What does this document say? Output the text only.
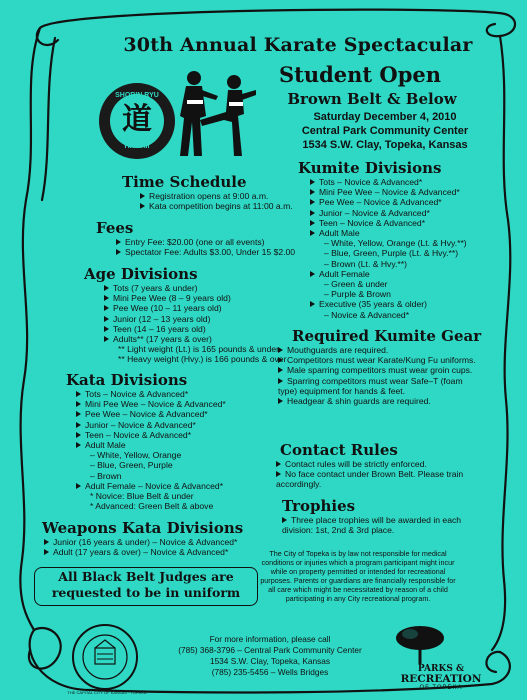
SHORIN RYU
道
HAWAII
30th Annual Karate Spectacular
Student Open
Brown Belt & Below
Saturday December 4, 2010
Central Park Community Center
1534 S.W. Clay, Topeka, Kansas
Time Schedule
Registration opens at 9:00 a.m.
Kata competition begins at 11:00 a.m.
Fees
Entry Fee: $20.00 (one or all events)
Spectator Fee: Adults $3.00, Under 15 $2.00
Age Divisions
Tots (7 years & under)
Mini Pee Wee (8 – 9 years old)
Pee Wee (10 – 11 years old)
Junior (12 – 13 years old)
Teen (14 – 16 years old)
Adults** (17 years & over)
** Light weight (Lt.) is 165 pounds & under
** Heavy weight (Hvy.) is 166 pounds & over
Kata Divisions
Tots – Novice & Advanced*
Mini Pee Wee – Novice & Advanced*
Pee Wee – Novice & Advanced*
Junior – Novice & Advanced*
Teen – Novice & Advanced*
Adult Male
– White, Yellow, Orange
– Blue, Green, Purple
– Brown
Adult Female – Novice & Advanced*
* Novice: Blue Belt & under
* Advanced: Green Belt & above
Weapons Kata Divisions
Junior (16 years & under) – Novice & Advanced*
Adult (17 years & over) – Novice & Advanced*
All Black Belt Judges are
requested to be in uniform
Kumite Divisions
Tots – Novice & Advanced*
Mini Pee Wee – Novice & Advanced*
Pee Wee – Novice & Advanced*
Junior – Novice & Advanced*
Teen – Novice & Advanced*
Adult Male
– White, Yellow, Orange (Lt. & Hvy.**)
– Blue, Green, Purple (Lt. & Hvy.**)
– Brown (Lt. & Hvy.**)
Adult Female
– Green & under
– Purple & Brown
Executive (35 years & older)
– Novice & Advanced*
Required Kumite Gear
Mouthguards are required.
Competitors must wear Karate/Kung Fu uniforms.
Male sparring competitors must wear groin cups.
Sparring competitors must wear Safe–T (foam type) equipment for hands & feet.
Headgear & shin guards are required.
Contact Rules
Contact rules will be strictly enforced.
No face contact under Brown Belt. Please train accordingly.
Trophies
Three place trophies will be awarded in each division: 1st, 2nd & 3rd place.
The City of Topeka is by law not responsible for medical conditions or injuries which a program participant might incur while on property permitted or intended for recreational purposes. Parents or guardians are financially responsible for all care which might be necessitated by reason of a child participating in any City recreational program.
THE CAPITAL CITY OF KANSAS · TOPEKA
For more information, please call
(785) 368-3796 – Central Park Community Center
1534 S.W. Clay, Topeka, Kansas
(785) 235-5456 – Wells Bridges	PARKS &
RECREATION
OF TOPEKA
